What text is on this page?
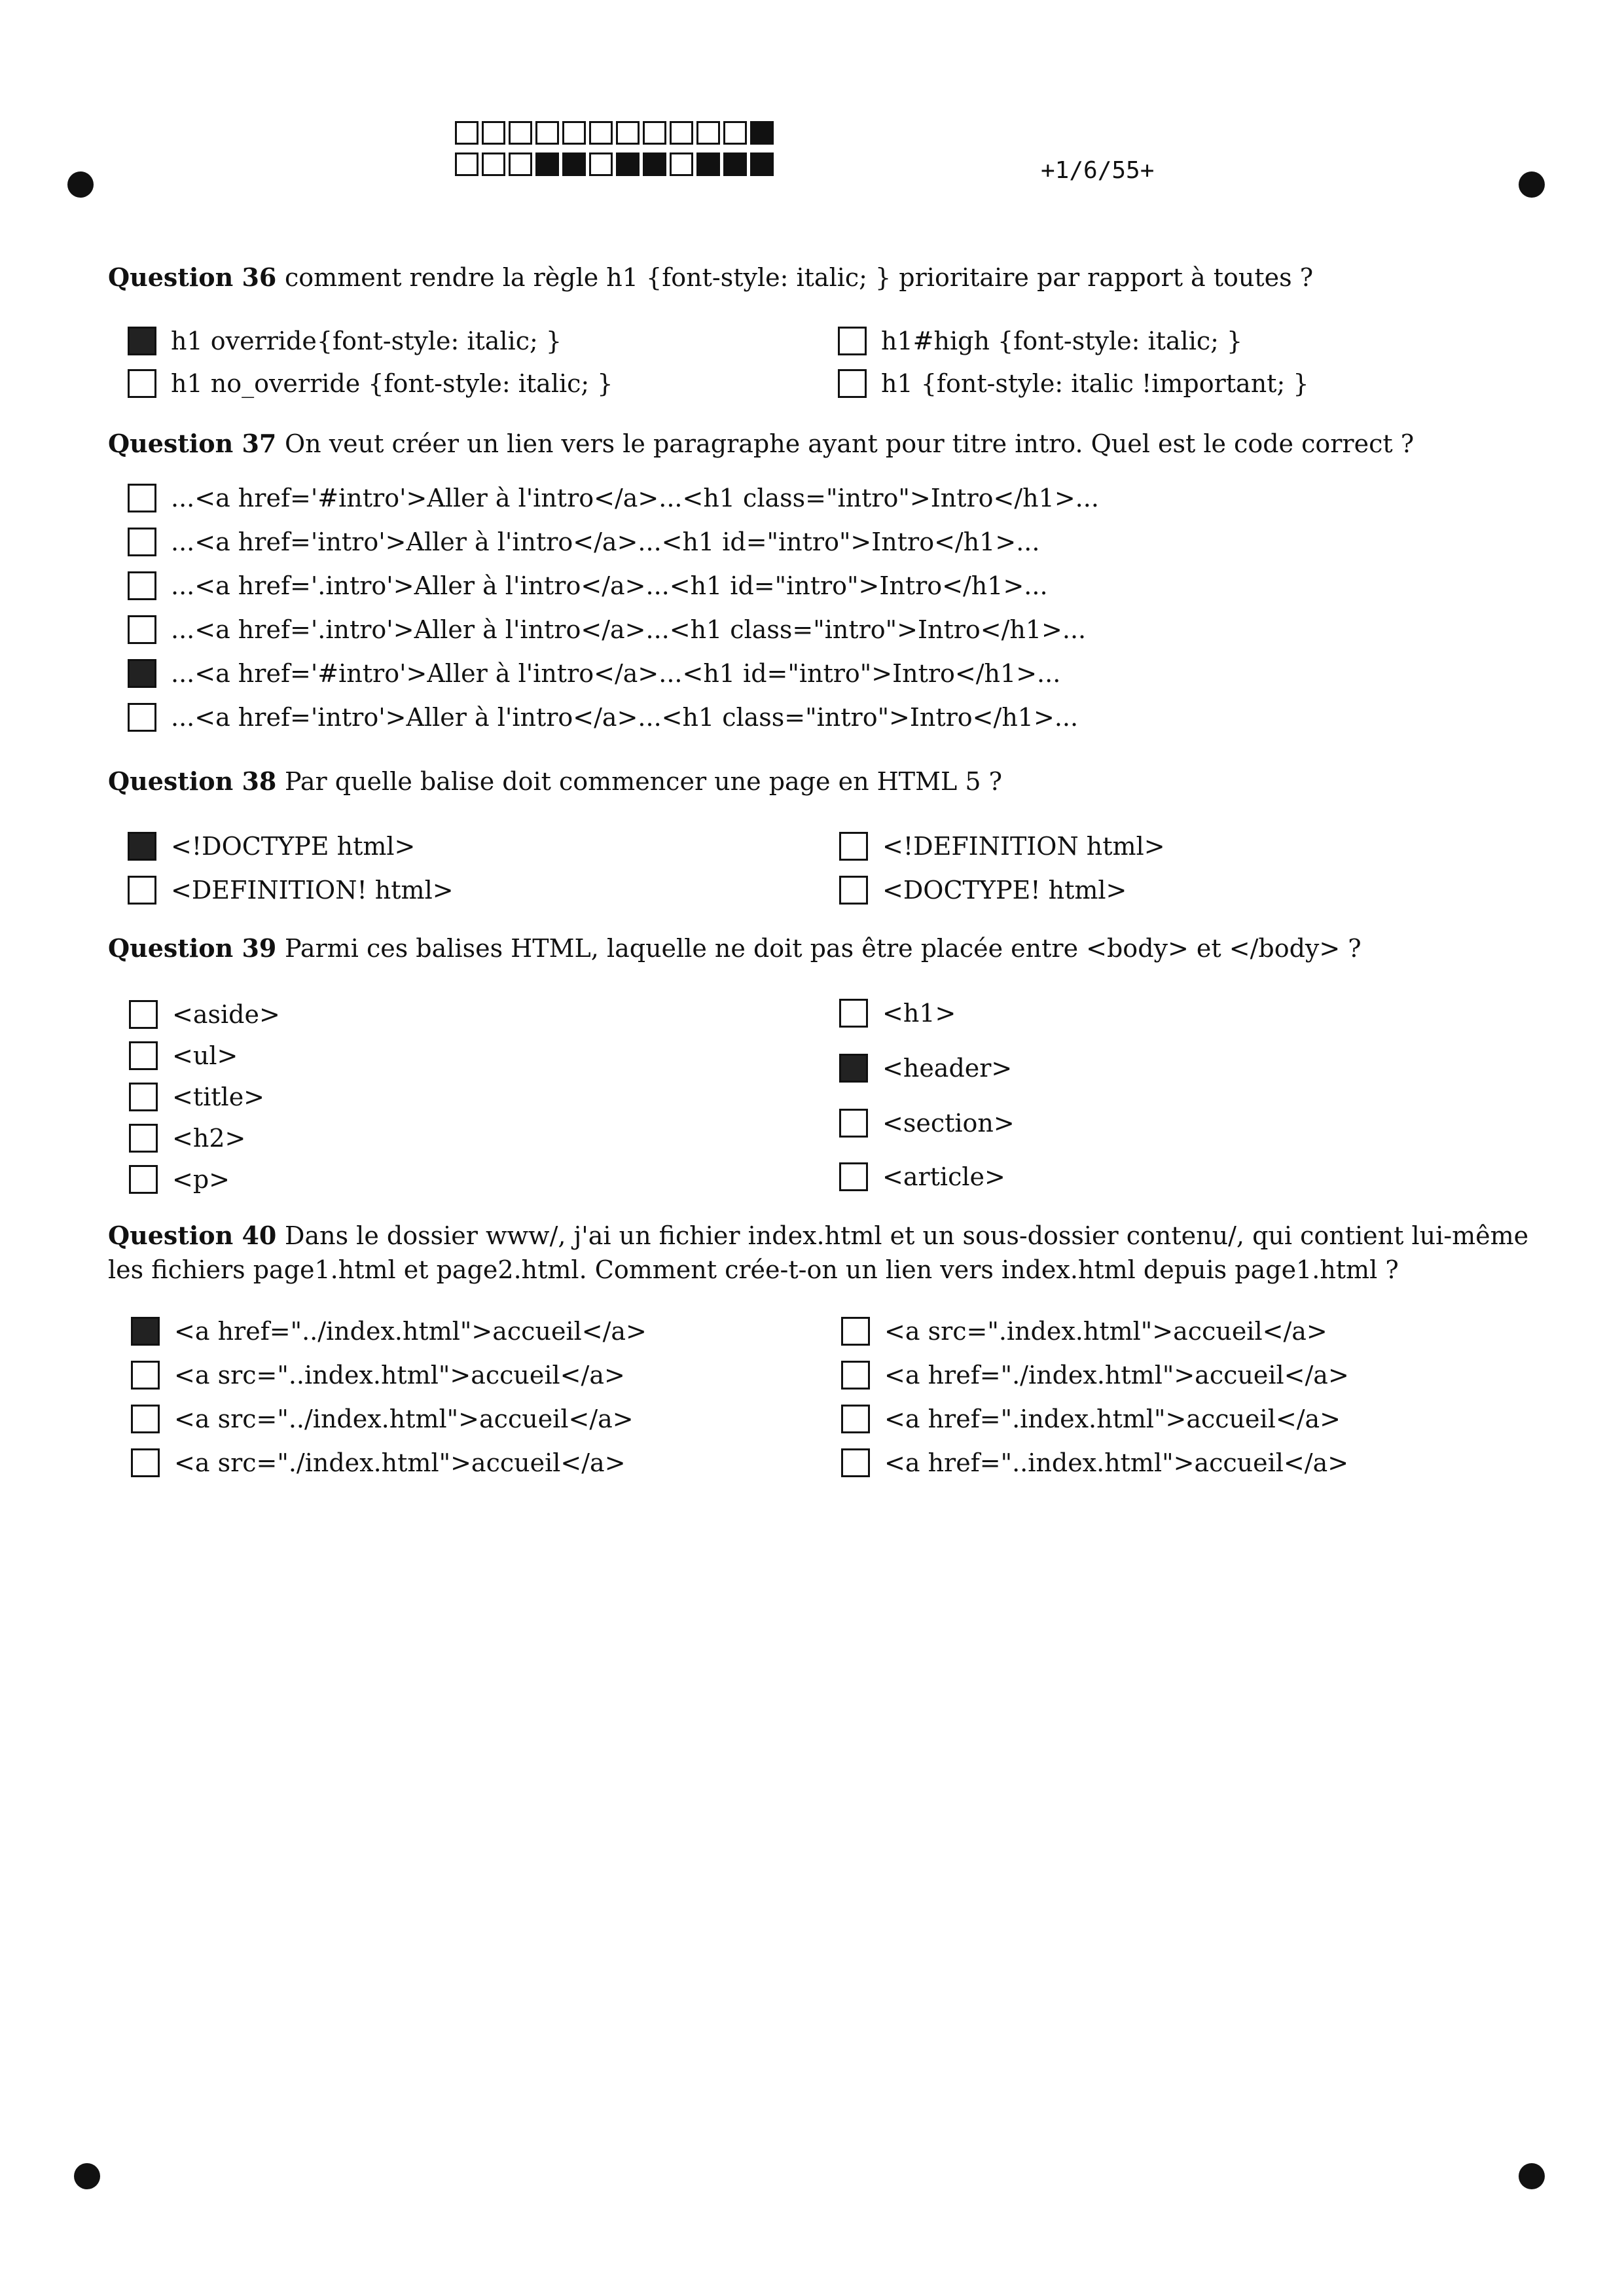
+1/6/55+
Question 36 comment rendre la règle h1 {font-style: italic; } prioritaire par rapport à toutes ?
h1 override{font-style: italic; }
h1 no_override {font-style: italic; }
h1#high {font-style: italic; }
h1 {font-style: italic !important; }
Question 37 On veut créer un lien vers le paragraphe ayant pour titre intro. Quel est le code correct ?
...<a href='#intro'>Aller à l'intro</a>...<h1 class="intro">Intro</h1>...
...<a href='intro'>Aller à l'intro</a>...<h1 id="intro">Intro</h1>...
...<a href='.intro'>Aller à l'intro</a>...<h1 id="intro">Intro</h1>...
...<a href='.intro'>Aller à l'intro</a>...<h1 class="intro">Intro</h1>...
...<a href='#intro'>Aller à l'intro</a>...<h1 id="intro">Intro</h1>...
...<a href='intro'>Aller à l'intro</a>...<h1 class="intro">Intro</h1>...
Question 38 Par quelle balise doit commencer une page en HTML 5 ?
<!DOCTYPE html>
<DEFINITION! html>
<!DEFINITION html>
<DOCTYPE! html>
Question 39 Parmi ces balises HTML, laquelle ne doit pas être placée entre <body> et </body> ?
<aside>
<ul>
<title>
<h2>
<p>
<h1>
<header>
<section>
<article>
Question 40 Dans le dossier www/, j'ai un fichier index.html et un sous-dossier contenu/, qui contient lui-même les fichiers page1.html et page2.html. Comment crée-t-on un lien vers index.html depuis page1.html ?
<a href="../index.html">accueil</a>
<a src="..index.html">accueil</a>
<a src="../index.html">accueil</a>
<a src="./index.html">accueil</a>
<a src=".index.html">accueil</a>
<a href="./index.html">accueil</a>
<a href=".index.html">accueil</a>
<a href="..index.html">accueil</a>
